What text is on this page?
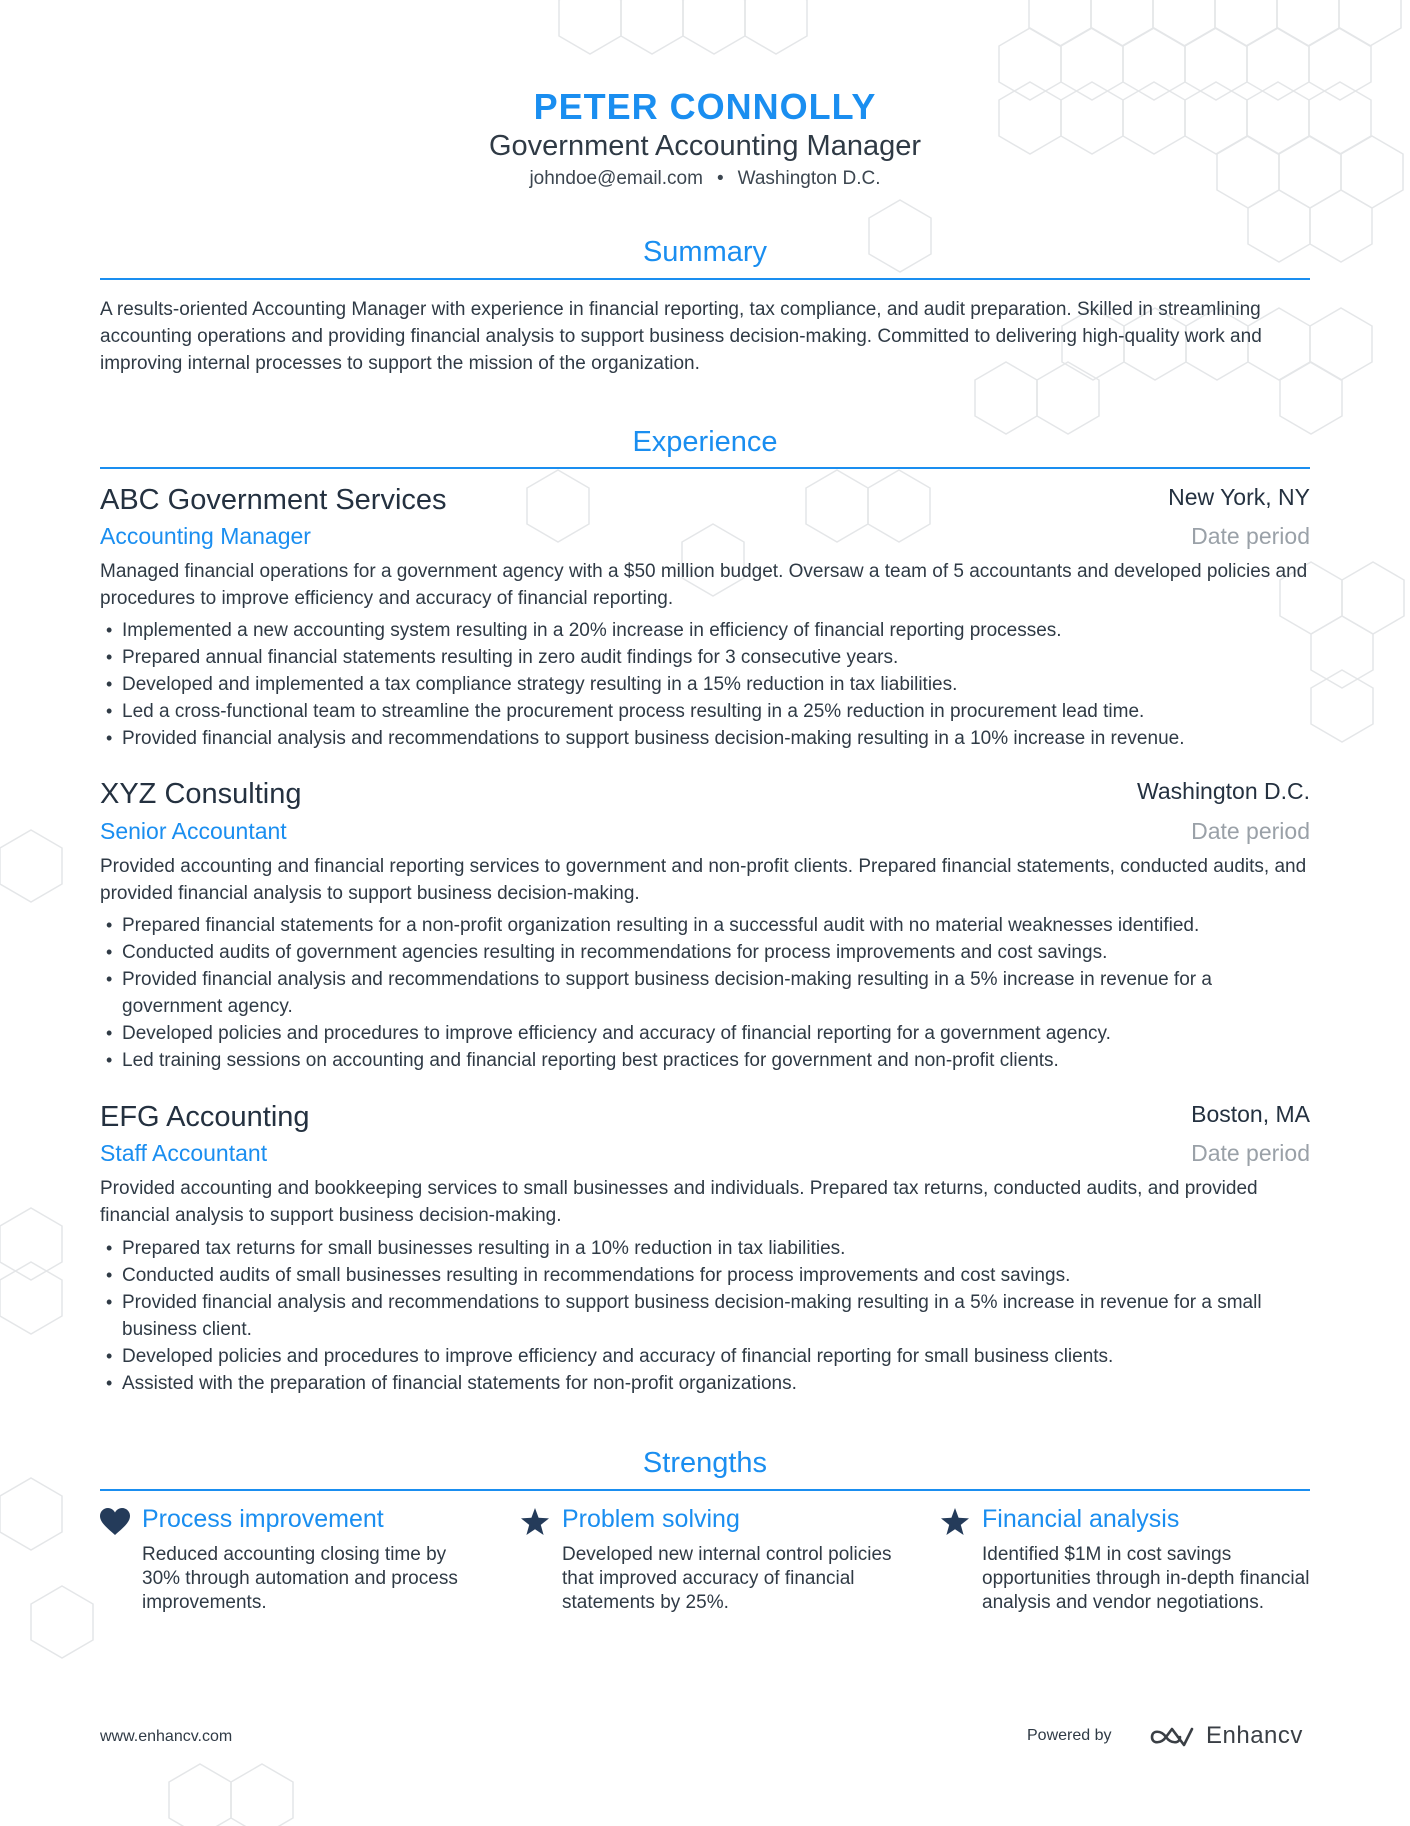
PETER CONNOLLY
Government Accounting Manager
johndoe@email.com • Washington D.C.
Summary
A results-oriented Accounting Manager with experience in financial reporting, tax compliance, and audit preparation. Skilled in streamlining accounting operations and providing financial analysis to support business decision-making. Committed to delivering high-quality work and improving internal processes to support the mission of the organization.
Experience
ABC Government Services	New York, NY
Accounting Manager	Date period
Managed financial operations for a government agency with a $50 million budget. Oversaw a team of 5 accountants and developed policies and procedures to improve efficiency and accuracy of financial reporting.
• Implemented a new accounting system resulting in a 20% increase in efficiency of financial reporting processes.
• Prepared annual financial statements resulting in zero audit findings for 3 consecutive years.
• Developed and implemented a tax compliance strategy resulting in a 15% reduction in tax liabilities.
• Led a cross-functional team to streamline the procurement process resulting in a 25% reduction in procurement lead time.
• Provided financial analysis and recommendations to support business decision-making resulting in a 10% increase in revenue.
XYZ Consulting	Washington D.C.
Senior Accountant	Date period
Provided accounting and financial reporting services to government and non-profit clients. Prepared financial statements, conducted audits, and provided financial analysis to support business decision-making.
• Prepared financial statements for a non-profit organization resulting in a successful audit with no material weaknesses identified.
• Conducted audits of government agencies resulting in recommendations for process improvements and cost savings.
• Provided financial analysis and recommendations to support business decision-making resulting in a 5% increase in revenue for a government agency.
• Developed policies and procedures to improve efficiency and accuracy of financial reporting for a government agency.
• Led training sessions on accounting and financial reporting best practices for government and non-profit clients.
EFG Accounting	Boston, MA
Staff Accountant	Date period
Provided accounting and bookkeeping services to small businesses and individuals. Prepared tax returns, conducted audits, and provided financial analysis to support business decision-making.
• Prepared tax returns for small businesses resulting in a 10% reduction in tax liabilities.
• Conducted audits of small businesses resulting in recommendations for process improvements and cost savings.
• Provided financial analysis and recommendations to support business decision-making resulting in a 5% increase in revenue for a small business client.
• Developed policies and procedures to improve efficiency and accuracy of financial reporting for small business clients.
• Assisted with the preparation of financial statements for non-profit organizations.
Strengths
Process improvement
Reduced accounting closing time by 30% through automation and process improvements.
Problem solving
Developed new internal control policies that improved accuracy of financial statements by 25%.
Financial analysis
Identified $1M in cost savings opportunities through in-depth financial analysis and vendor negotiations.
www.enhancv.com	Powered by	Enhancv
